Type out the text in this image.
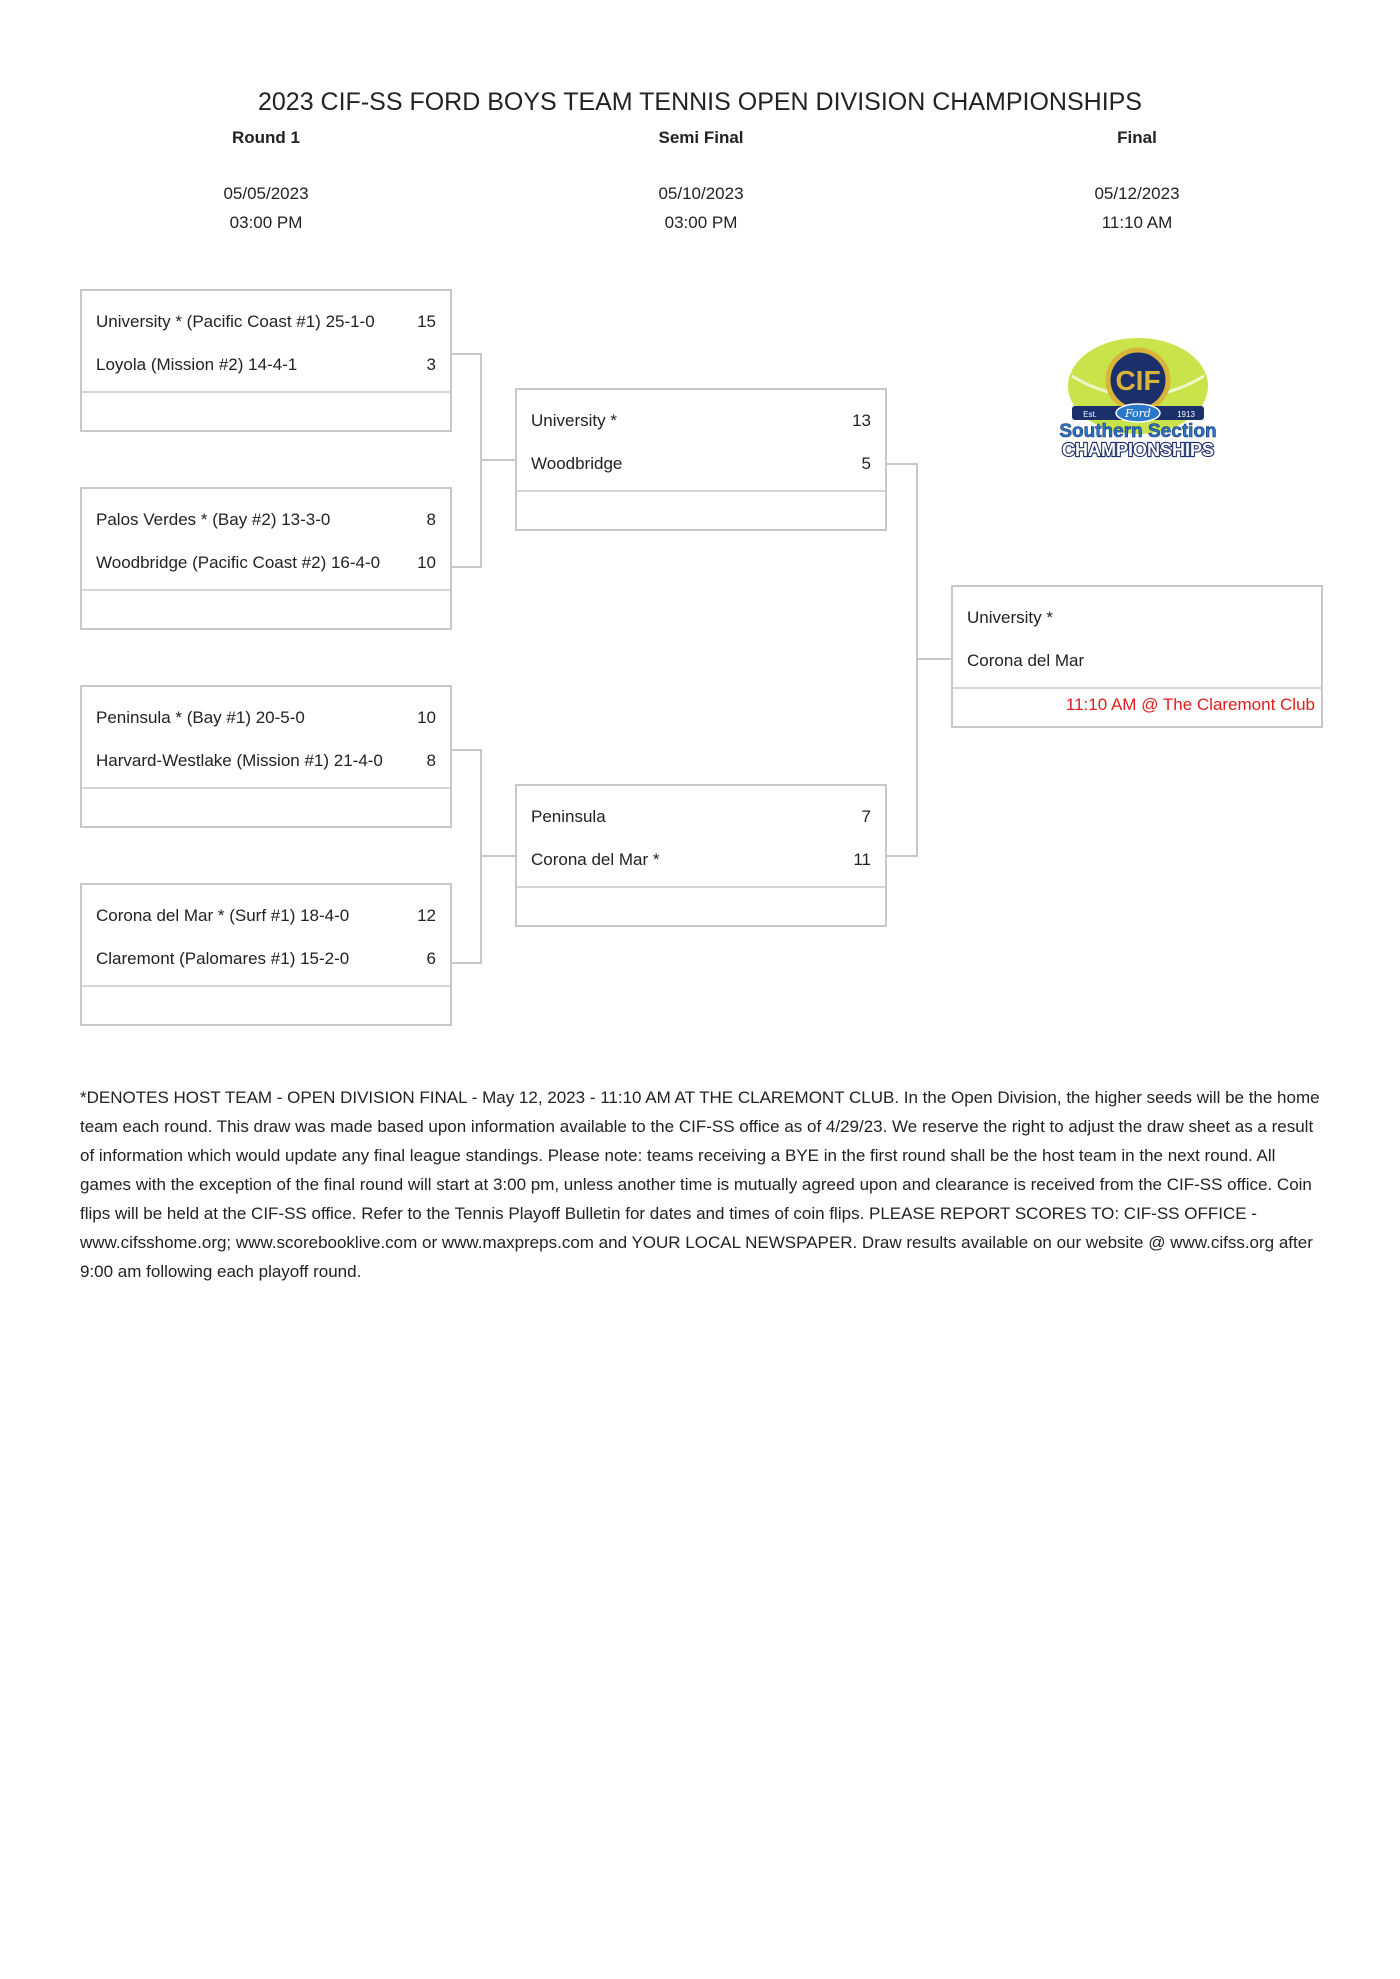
2023 CIF-SS FORD BOYS TEAM TENNIS OPEN DIVISION CHAMPIONSHIPS
Round 1
05/05/2023
03:00 PM
Semi Final
05/10/2023
03:00 PM
Final
05/12/2023
11:10 AM
University * (Pacific Coast #1) 25-1-0 15
Loyola (Mission #2) 14-4-1	3
Palos Verdes * (Bay #2) 13-3-0	8
Woodbridge (Pacific Coast #2) 16-4-0 10
Peninsula * (Bay #1) 20-5-0	10
Harvard-Westlake (Mission #1) 21-4-0	8
Corona del Mar * (Surf #1) 18-4-0	12
Claremont (Palomares #1) 15-2-0	6
University *	13
Woodbridge	5
Peninsula	7
Corona del Mar *	11
University *
Corona del Mar
11:10 AM @ The Claremont Club
CIF
Ford
Est.	1913
Southern Section
CHAMPIONSHIPS
*DENOTES HOST TEAM - OPEN DIVISION FINAL - May 12, 2023 - 11:10 AM AT THE CLAREMONT CLUB. In the Open Division, the higher seeds will be the home team each round. This draw was made based upon information available to the CIF-SS office as of 4/29/23. We reserve the right to adjust the draw sheet as a result of information which would update any final league standings. Please note: teams receiving a BYE in the first round shall be the host team in the next round. All games with the exception of the final round will start at 3:00 pm, unless another time is mutually agreed upon and clearance is received from the CIF-SS office. Coin flips will be held at the CIF-SS office. Refer to the Tennis Playoff Bulletin for dates and times of coin flips. PLEASE REPORT SCORES TO: CIF-SS OFFICE - www.cifsshome.org; www.scorebooklive.com or www.maxpreps.com and YOUR LOCAL NEWSPAPER. Draw results available on our website @ www.cifss.org after 9:00 am following each playoff round.
